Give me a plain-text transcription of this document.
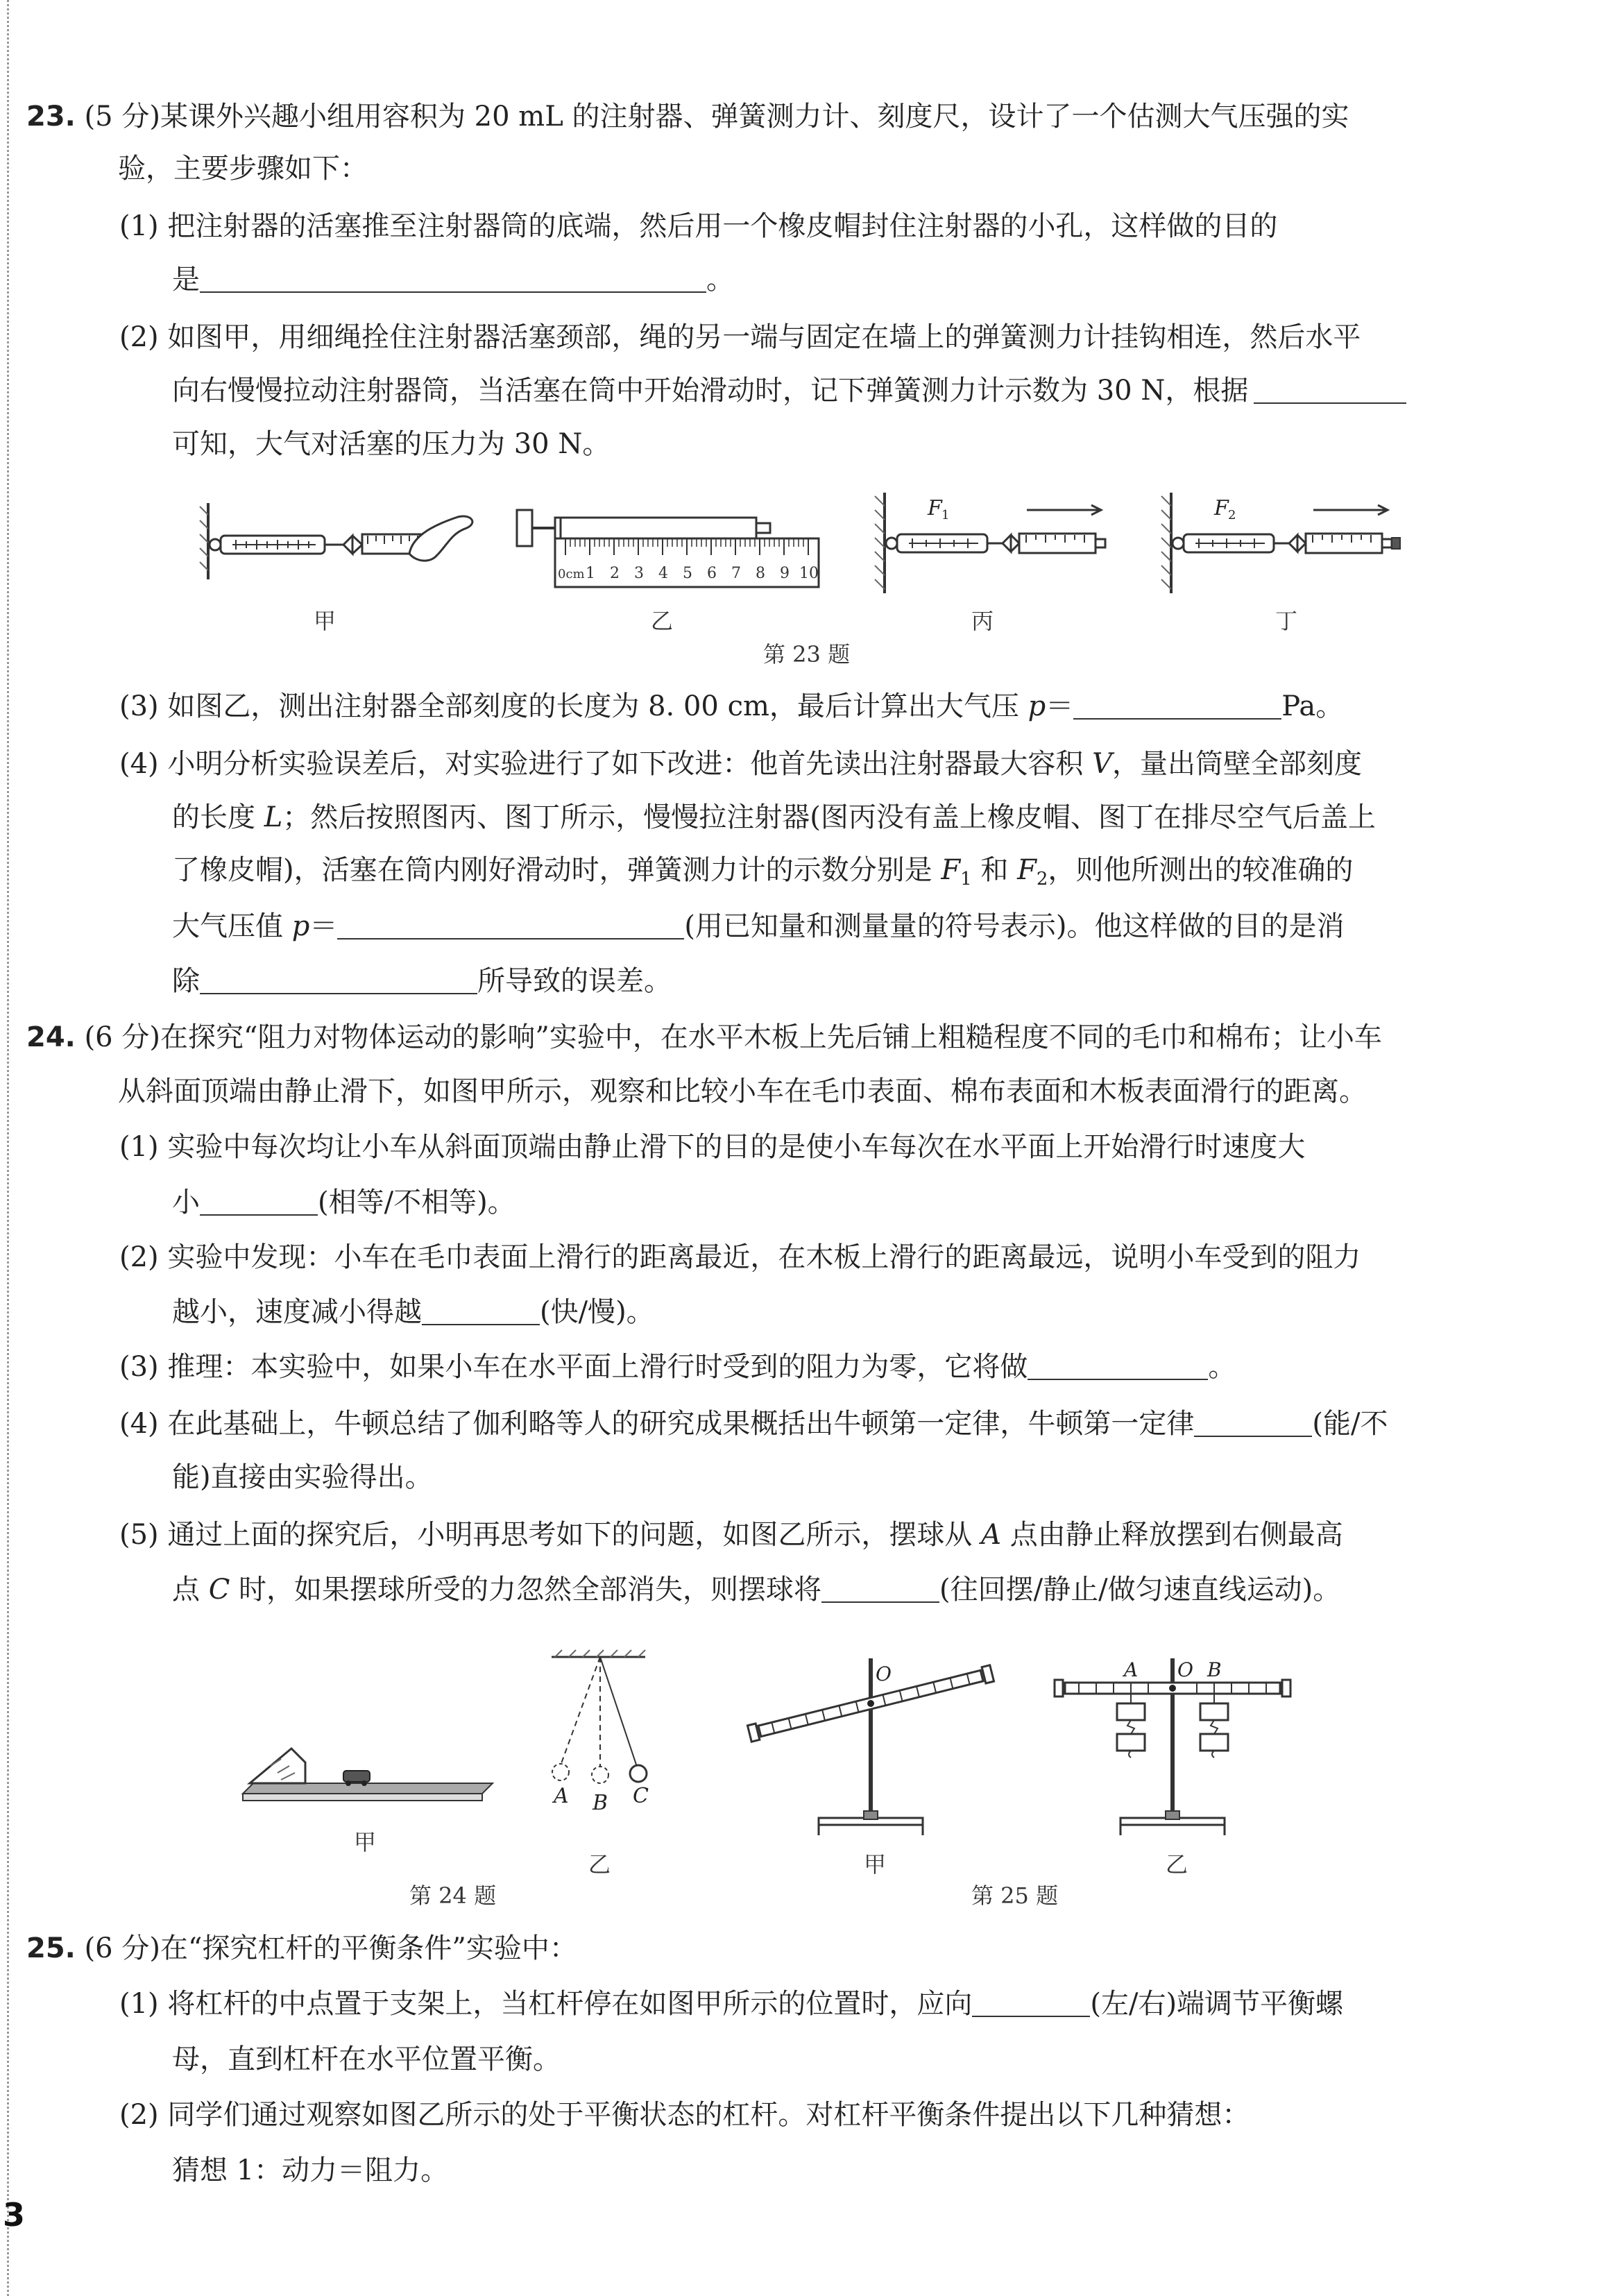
23. (5 分)某课外兴趣小组用容积为 20 mL 的注射器、弹簧测力计、刻度尺，设计了一个估测大气压强的实
验，主要步骤如下：
(1) 把注射器的活塞推至注射器筒的底端，然后用一个橡皮帽封住注射器的小孔，这样做的目的
是	。
(2) 如图甲，用细绳拴住注射器活塞颈部，绳的另一端与固定在墙上的弹簧测力计挂钩相连，然后水平
向右慢慢拉动注射器筒，当活塞在筒中开始滑动时，记下弹簧测力计示数为 30 N，根据
可知，大气对活塞的压力为 30 N。
甲
0cm 1 2 3 4 5 6 7 8 9 10
乙
F 1
丙
F 2
丁
第 23 题
(3) 如图乙，测出注射器全部刻度的长度为 8. 00 cm，最后计算出大气压 p＝	Pa。
(4) 小明分析实验误差后，对实验进行了如下改进：他首先读出注射器最大容积 V，量出筒壁全部刻度
的长度 L；然后按照图丙、图丁所示，慢慢拉注射器(图丙没有盖上橡皮帽、图丁在排尽空气后盖上
了橡皮帽)，活塞在筒内刚好滑动时，弹簧测力计的示数分别是 $F_1$ 和 $F_2$，则他所测出的较准确的
大气压值 p＝	(用已知量和测量量的符号表示)。他这样做的目的是消
除	所导致的误差。
24. (6 分)在探究“阻力对物体运动的影响”实验中，在水平木板上先后铺上粗糙程度不同的毛巾和棉布；让小车
从斜面顶端由静止滑下，如图甲所示，观察和比较小车在毛巾表面、棉布表面和木板表面滑行的距离。
(1) 实验中每次均让小车从斜面顶端由静止滑下的目的是使小车每次在水平面上开始滑行时速度大
小	(相等/不相等)。
(2) 实验中发现：小车在毛巾表面上滑行的距离最近，在木板上滑行的距离最远，说明小车受到的阻力
越小，速度减小得越	(快/慢)。
(3) 推理：本实验中，如果小车在水平面上滑行时受到的阻力为零，它将做	。
(4) 在此基础上，牛顿总结了伽利略等人的研究成果概括出牛顿第一定律，牛顿第一定律	(能/不
能)直接由实验得出。
(5) 通过上面的探究后，小明再思考如下的问题，如图乙所示，摆球从 A 点由静止释放摆到右侧最高
点 C 时，如果摆球所受的力忽然全部消失，则摆球将	(往回摆/静止/做匀速直线运动)。
甲
A B C
乙
第 24 题
O
甲
A O B
乙
第 25 题
25. (6 分)在“探究杠杆的平衡条件”实验中：
(1) 将杠杆的中点置于支架上，当杠杆停在如图甲所示的位置时，应向	(左/右)端调节平衡螺
母，直到杠杆在水平位置平衡。
(2) 同学们通过观察如图乙所示的处于平衡状态的杠杆。对杠杆平衡条件提出以下几种猜想：
猜想 1：动力＝阻力。
3
